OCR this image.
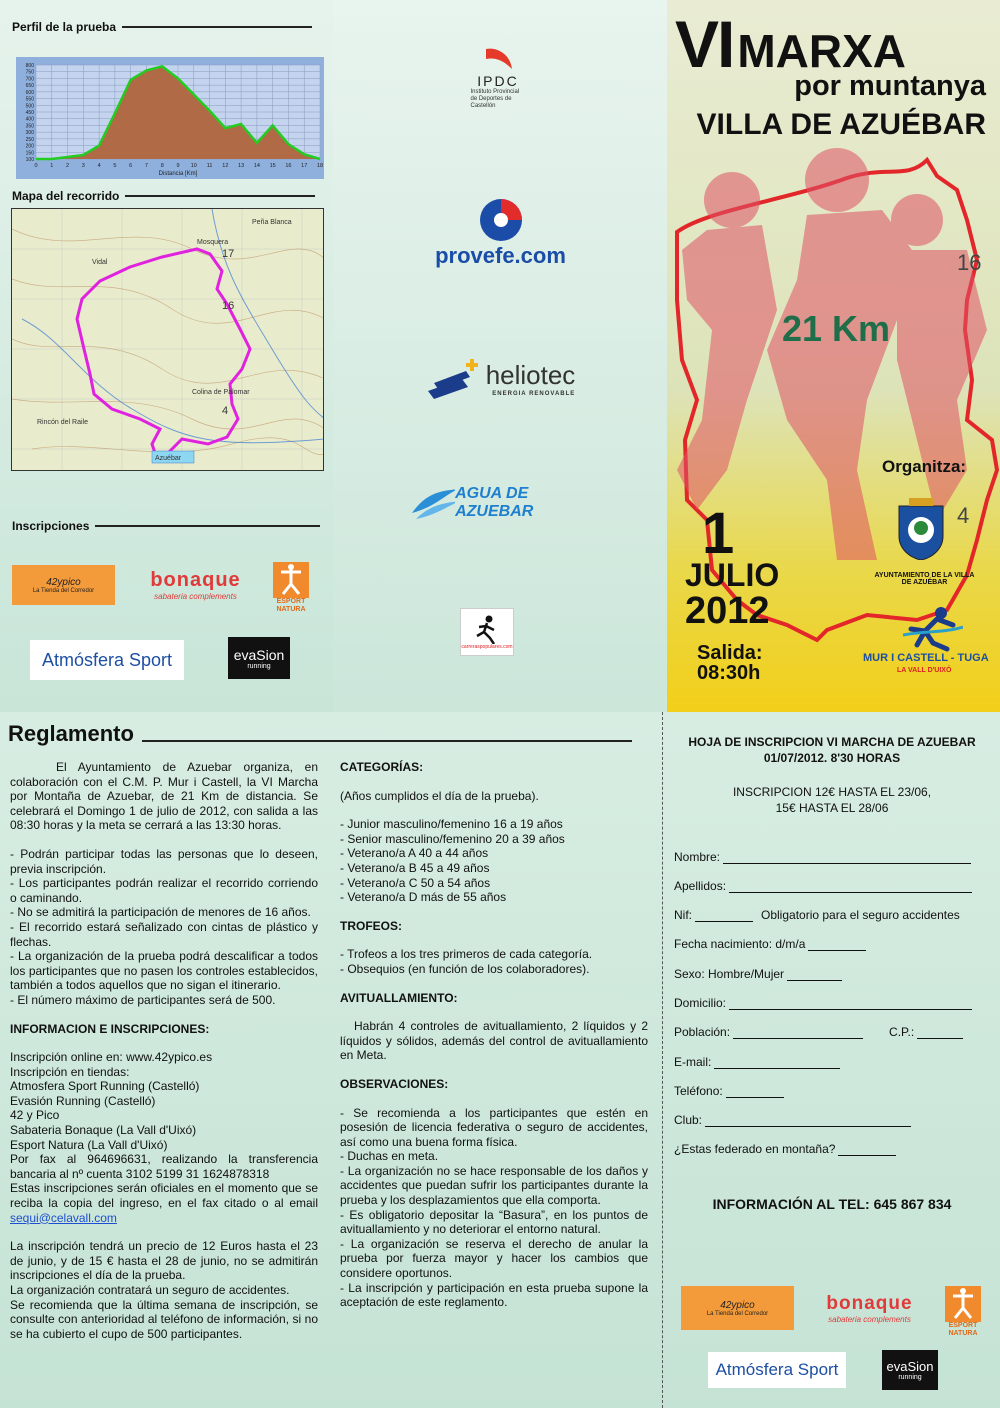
Perfil de la prueba
800
750
700
650
600
550
500
450
400
350
300
250
200
150
100
0 1 2 3 4 5 6 7 8 9 10 11 12 13 14 15 16 17 18
Distancia [Km]
Mapa del recorrido
Mosquera
Vidal
16
17
4
Colina de Palomar
Rincón del Raile
Azuébar
Peña Blanca
Inscripciones
42ypico
La Tienda del Corredor	bonaque
sabateria complements
ESPORT NATURA
Atmósfera Sport	evaSion
running
IPDC
Instituto Provincial de Deportes de Castellón
provefe.com
heliotec
ENERGIA RENOVABLE
AGUA DE AZUEBAR
carreraspopulares.com
16
4
VI MARXA
por muntanya
VILLA DE AZUÉBAR
21 Km
Organitza:
AYUNTAMIENTO DE LA VILLA DE AZUÉBAR
1
JULIO
2012
Salida:
08:30h
MUR I CASTELL - TUGA
LA VALL D'UIXÓ
Reglamento

El Ayuntamiento de Azuebar organiza, en colaboración con el C.M. P. Mur i Castell, la VI Marcha por Montaña de Azuebar, de 21 Km de distancia. Se celebrará el Domingo 1 de julio de 2012, con salida a las 08:30 horas y la meta se cerrará a las 13:30 horas.

- Podrán participar todas las personas que lo deseen, previa inscripción.

- Los participantes podrán realizar el recorrido corriendo o caminando.

- No se admitirá la participación de menores de 16 años.

- El recorrido estará señalizado con cintas de plástico y flechas.

- La organización de la prueba podrá descalificar a todos los participantes que no pasen los controles establecidos, también a todos aquellos que no sigan el itinerario.

- El número máximo de participantes será de 500.

INFORMACION E INSCRIPCIONES:

Inscripción online en: www.42ypico.es

Inscripción en tiendas:

Atmosfera Sport Running (Castelló)

Evasión Running (Castelló)

42 y Pico

Sabateria Bonaque (La Vall d'Uixó)

Esport Natura (La Vall d'Uixó)

Por fax al 964696631, realizando la transferencia bancaria al nº cuenta 3102 5199 31 1624878318

Estas inscripciones serán oficiales en el momento que se reciba la copia del ingreso, en el fax citado o al email sequi@celavall.com

La inscripción tendrá un precio de 12 Euros hasta el 23 de junio, y de 15 € hasta el 28 de junio, no se admitirán inscripciones el día de la prueba.

La organización contratará un seguro de accidentes.

Se recomienda que la última semana de inscripción, se consulte con anterioridad al teléfono de información, si no se ha cubierto el cupo de 500 participantes.

CATEGORÍAS:

(Años cumplidos el día de la prueba).

- Junior masculino/femenino 16 a 19 años

- Senior masculino/femenino 20 a 39 años

- Veterano/a A 40 a 44 años

- Veterano/a B 45 a 49 años

- Veterano/a C 50 a 54 años

- Veterano/a D más de 55 años

TROFEOS:

- Trofeos a los tres primeros de cada categoría.

- Obsequios (en función de los colaboradores).

AVITUALLAMIENTO:

Habrán 4 controles de avituallamiento, 2 líquidos y 2 líquidos y sólidos, además del control de avituallamiento en Meta.

OBSERVACIONES:

- Se recomienda a los participantes que estén en posesión de licencia federativa o seguro de accidentes, así como una buena forma física.

- Duchas en meta.

- La organización no se hace responsable de los daños y accidentes que puedan sufrir los participantes durante la prueba y los desplazamientos que ella comporta.

- Es obligatorio depositar la “Basura”, en los puntos de avituallamiento y no deteriorar el entorno natural.

- La organización se reserva el derecho de anular la prueba por fuerza mayor y hacer los cambios que considere oportunos.

- La inscripción y participación en esta prueba supone la aceptación de este reglamento.

HOJA DE INSCRIPCION VI MARCHA DE AZUEBAR
01/07/2012. 8'30 HORAS
INSCRIPCION 12€ HASTA EL 23/06,
15€ HASTA EL 28/06
Nombre:
Apellidos:
Nif:	Obligatorio para el seguro accidentes
Fecha nacimiento: d/m/a
Sexo: Hombre/Mujer
Domicilio:
Población:	C.P.:
E-mail:
Teléfono:
Club:
¿Estas federado en montaña?
INFORMACIÓN AL TEL: 645 867 834
42ypico
La Tienda del Corredor	bonaque
sabateria complements
ESPORT NATURA
Atmósfera Sport	evaSion
running
